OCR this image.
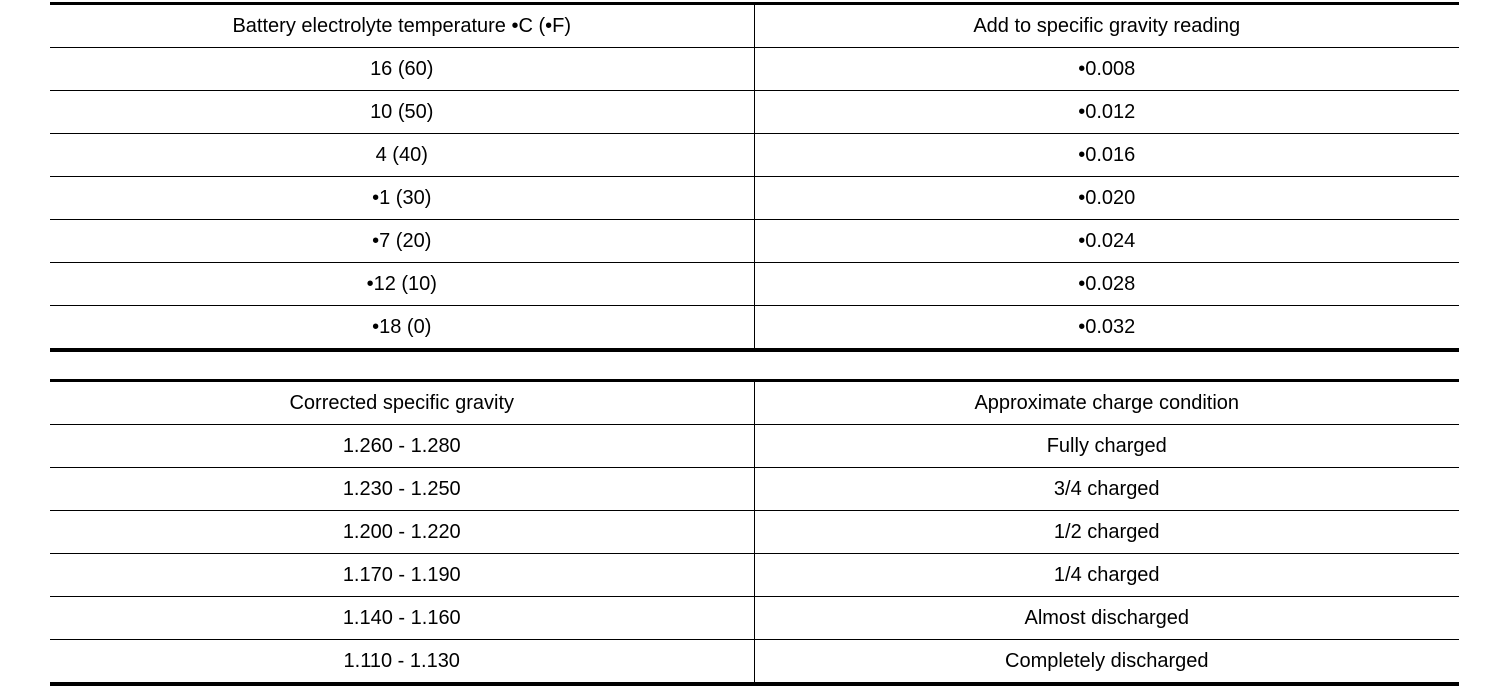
Battery electrolyte temperature •C (•F)	Add to specific gravity reading
16 (60)	•0.008
10 (50)	•0.012
4 (40)	•0.016
•1 (30)	•0.020
•7 (20)	•0.024
•12 (10)	•0.028
•18 (0)	•0.032
Corrected specific gravity	Approximate charge condition
1.260 - 1.280	Fully charged
1.230 - 1.250	3/4 charged
1.200 - 1.220	1/2 charged
1.170 - 1.190	1/4 charged
1.140 - 1.160	Almost discharged
1.110 - 1.130	Completely discharged
